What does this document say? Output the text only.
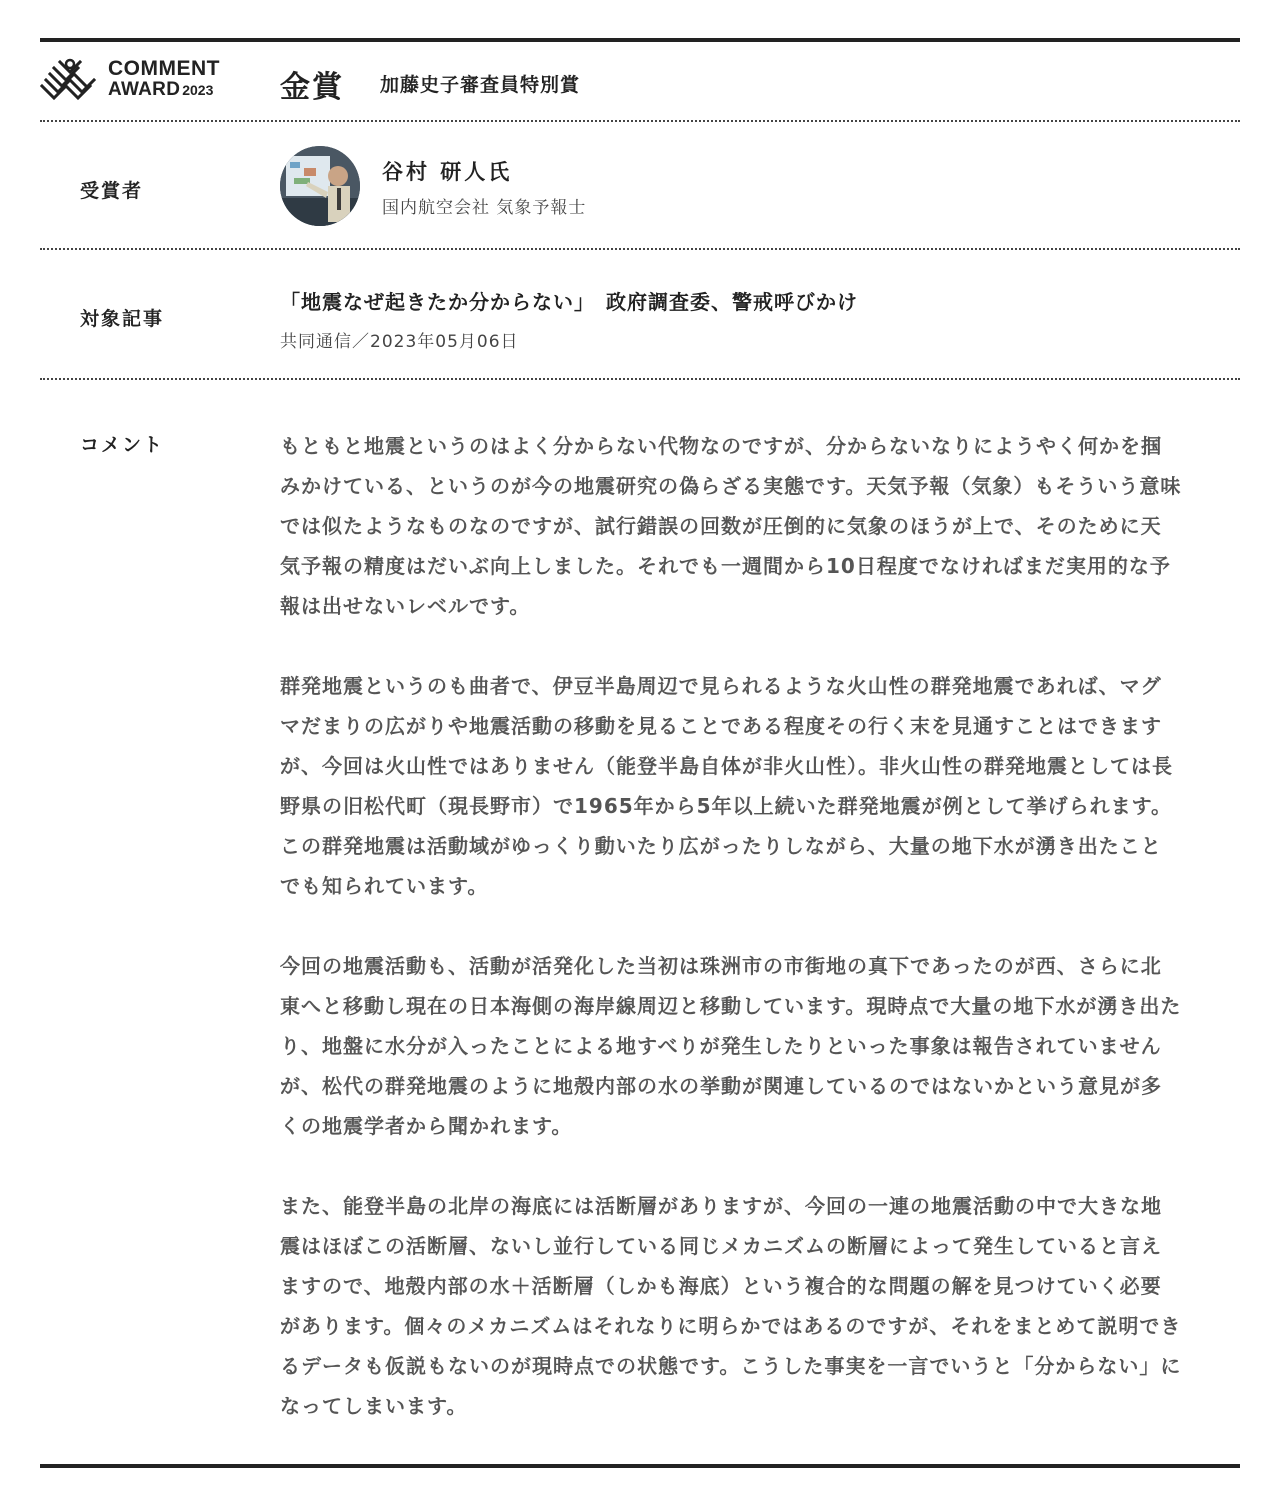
COMMENT
AWARD 2023 金賞 加藤史子審査員特別賞
受賞者
谷村 研人氏
国内航空会社 気象予報士
対象記事
「地震なぜ起きたか分からない」　政府調査委、警戒呼びかけ
共同通信／2023年05月06日
コメント	もともと地震というのはよく分からない代物なのですが、分からないなりにようやく何かを掴みかけている、というのが今の地震研究の偽らざる実態です。天気予報（気象）もそういう意味では似たようなものなのですが、試行錯誤の回数が圧倒的に気象のほうが上で、そのために天気予報の精度はだいぶ向上しました。それでも一週間から10日程度でなければまだ実用的な予報は出せないレベルです。

群発地震というのも曲者で、伊豆半島周辺で見られるような火山性の群発地震であれば、マグマだまりの広がりや地震活動の移動を見ることである程度その行く末を見通すことはできますが、今回は火山性ではありません（能登半島自体が非火山性）。非火山性の群発地震としては長野県の旧松代町（現長野市）で1965年から5年以上続いた群発地震が例として挙げられます。この群発地震は活動域がゆっくり動いたり広がったりしながら、大量の地下水が湧き出たことでも知られています。

今回の地震活動も、活動が活発化した当初は珠洲市の市街地の真下であったのが西、さらに北東へと移動し現在の日本海側の海岸線周辺と移動しています。現時点で大量の地下水が湧き出たり、地盤に水分が入ったことによる地すべりが発生したりといった事象は報告されていませんが、松代の群発地震のように地殻内部の水の挙動が関連しているのではないかという意見が多くの地震学者から聞かれます。

また、能登半島の北岸の海底には活断層がありますが、今回の一連の地震活動の中で大きな地震はほぼこの活断層、ないし並行している同じメカニズムの断層によって発生していると言えますので、地殻内部の水＋活断層（しかも海底）という複合的な問題の解を見つけていく必要があります。個々のメカニズムはそれなりに明らかではあるのですが、それをまとめて説明できるデータも仮説もないのが現時点での状態です。こうした事実を一言でいうと「分からない」になってしまいます。
